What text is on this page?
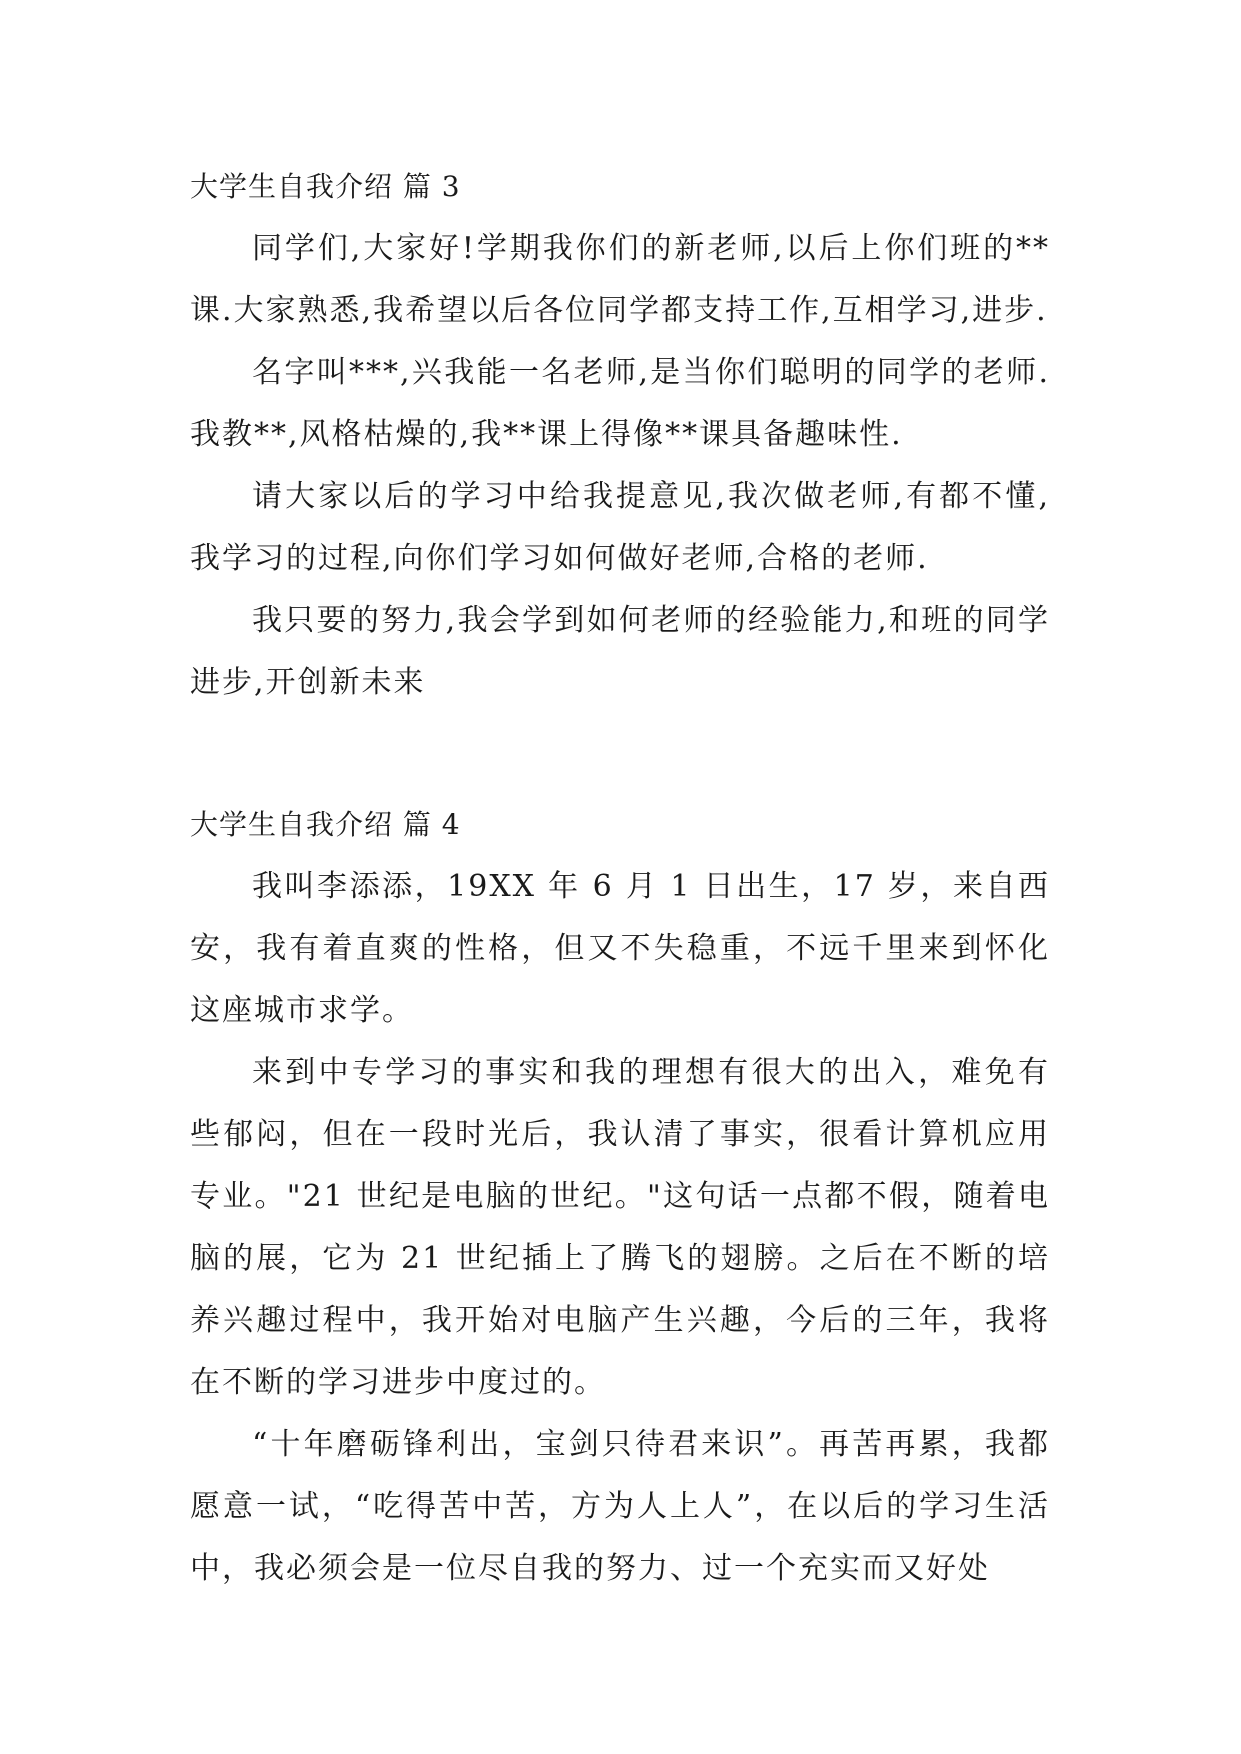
大学生自我介绍 篇 3

同学们,大家好!学期我你们的新老师,以后上你们班的**课.大家熟悉,我希望以后各位同学都支持工作,互相学习,进步.

名字叫***,兴我能一名老师,是当你们聪明的同学的老师.我教**,风格枯燥的,我**课上得像**课具备趣味性.

请大家以后的学习中给我提意见,我次做老师,有都不懂,我学习的过程,向你们学习如何做好老师,合格的老师.

我只要的努力,我会学到如何老师的经验能力,和班的同学进步,开创新未来

大学生自我介绍 篇 4

我叫李添添，19XX 年 6 月 1 日出生，17 岁，来自西安，我有着直爽的性格，但又不失稳重，不远千里来到怀化这座城市求学。

来到中专学习的事实和我的理想有很大的出入，难免有些郁闷，但在一段时光后，我认清了事实，很看计算机应用专业。"21 世纪是电脑的世纪。"这句话一点都不假，随着电脑的展，它为 21 世纪插上了腾飞的翅膀。之后在不断的培养兴趣过程中，我开始对电脑产生兴趣，今后的三年，我将在不断的学习进步中度过的。

“十年磨砺锋利出，宝剑只待君来识”。再苦再累，我都愿意一试，“吃得苦中苦，方为人上人”，在以后的学习生活中，我必须会是一位尽自我的努力、过一个充实而又好处
